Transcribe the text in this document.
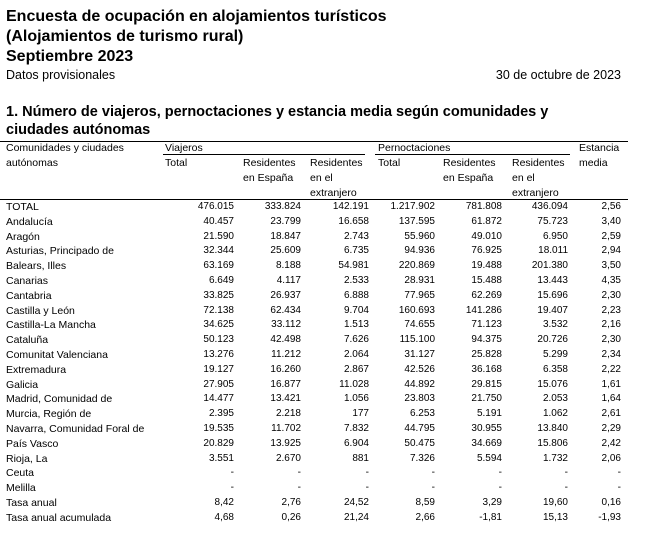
Encuesta de ocupación en alojamientos turísticos
(Alojamientos de turismo rural)
Septiembre 2023
Datos provisionales	30 de octubre de 2023
1. Número de viajeros, pernoctaciones y estancia media según comunidades y ciudades autónomas
Comunidades y ciudades
autónomas
Viajeros
Total	Residentes
en España
Residentes
en el
extranjero
Pernoctaciones
Total	Residentes
en España
Residentes
en el
extranjero
Estancia
media
TOTAL	476.015	333.824	142.191 1.217.902	781.808	436.094	2,56
Andalucía	40.457	23.799	16.658	137.595	61.872	75.723	3,40
Aragón	21.590	18.847	2.743	55.960	49.010	6.950	2,59
Asturias, Principado de	32.344	25.609	6.735	94.936	76.925	18.011	2,94
Balears, Illes	63.169	8.188	54.981	220.869	19.488	201.380	3,50
Canarias	6.649	4.117	2.533	28.931	15.488	13.443	4,35
Cantabria	33.825	26.937	6.888	77.965	62.269	15.696	2,30
Castilla y León	72.138	62.434	9.704	160.693	141.286	19.407	2,23
Castilla-La Mancha	34.625	33.112	1.513	74.655	71.123	3.532	2,16
Cataluña	50.123	42.498	7.626	115.100	94.375	20.726	2,30
Comunitat Valenciana	13.276	11.212	2.064	31.127	25.828	5.299	2,34
Extremadura	19.127	16.260	2.867	42.526	36.168	6.358	2,22
Galicia	27.905	16.877	11.028	44.892	29.815	15.076	1,61
Madrid, Comunidad de	14.477	13.421	1.056	23.803	21.750	2.053	1,64
Murcia, Región de	2.395	2.218	177	6.253	5.191	1.062	2,61
Navarra, Comunidad Foral de	19.535	11.702	7.832	44.795	30.955	13.840	2,29
País Vasco	20.829	13.925	6.904	50.475	34.669	15.806	2,42
Rioja, La	3.551	2.670	881	7.326	5.594	1.732	2,06
Ceuta	-	-	-	-	-	-	-
Melilla	-	-	-	-	-	-	-
Tasa anual	8,42	2,76	24,52	8,59	3,29	19,60	0,16
Tasa anual acumulada	4,68	0,26	21,24	2,66	-1,81	15,13	-1,93
